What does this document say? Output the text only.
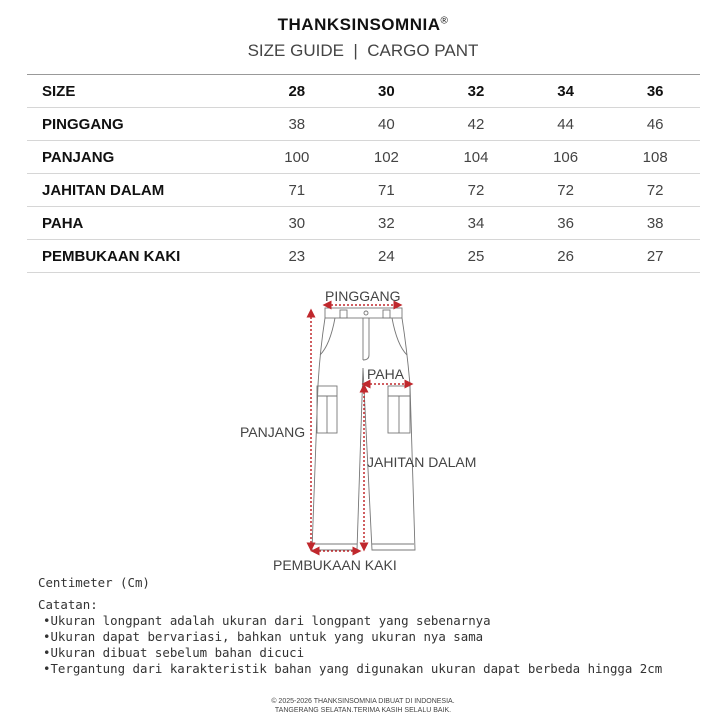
THANKSINSOMNIA®
SIZE GUIDE  |  CARGO PANT
SIZE	28	30	32	34	36
PINGGANG	38	40	42	44	46
PANJANG	100	102	104	106	108
JAHITAN DALAM	71	71	72	72	72
PAHA	30	32	34	36	38
PEMBUKAAN KAKI	23	24	25	26	27
PINGGANG
PAHA
PANJANG
JAHITAN DALAM
PEMBUKAAN KAKI
Centimeter (Cm)
Catatan:
•Ukuran longpant adalah ukuran dari longpant yang sebenarnya
•Ukuran dapat bervariasi, bahkan untuk yang ukuran nya sama
•Ukuran dibuat sebelum bahan dicuci
•Tergantung dari karakteristik bahan yang digunakan ukuran dapat berbeda hingga 2cm
© 2025-2026 THANKSINSOMNIA DIBUAT DI INDONESIA.
TANGERANG SELATAN.TERIMA KASIH SELALU BAIK.
